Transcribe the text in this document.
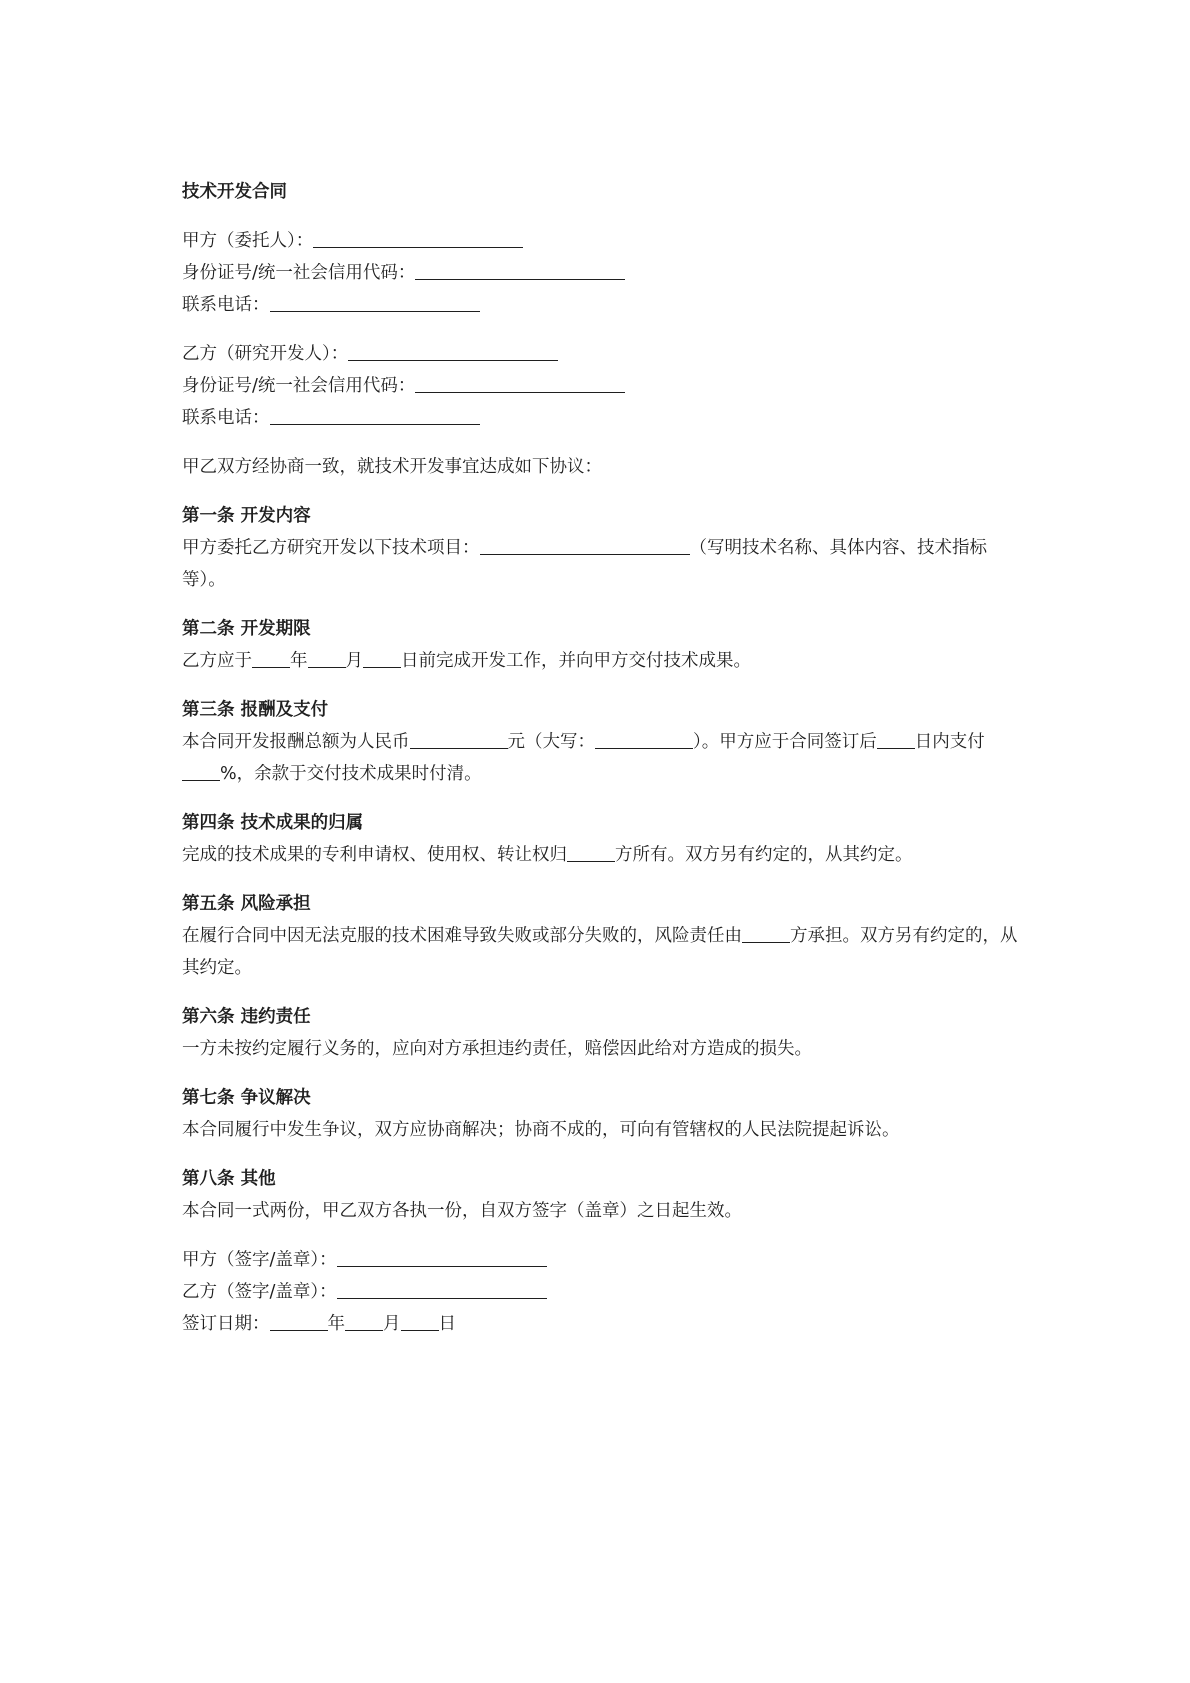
技术开发合同
甲方（委托人）：
身份证号/统一社会信用代码：
联系电话：
乙方（研究开发人）：
身份证号/统一社会信用代码：
联系电话：
甲乙双方经协商一致，就技术开发事宜达成如下协议：
第一条 开发内容
甲方委托乙方研究开发以下技术项目：	（写明技术名称、具体内容、技术指标等）。
第二条 开发期限
乙方应于 年 月 日前完成开发工作，并向甲方交付技术成果。
第三条 报酬及支付
本合同开发报酬总额为人民币	元（大写：	）。甲方应于合同签订后 日内支付%，余款于交付技术成果时付清。
第四条 技术成果的归属
完成的技术成果的专利申请权、使用权、转让权归	方所有。双方另有约定的，从其约定。
第五条 风险承担
在履行合同中因无法克服的技术困难导致失败或部分失败的，风险责任由	方承担。双方另有约定的，从其约定。
第六条 违约责任
一方未按约定履行义务的，应向对方承担违约责任，赔偿因此给对方造成的损失。
第七条 争议解决
本合同履行中发生争议，双方应协商解决；协商不成的，可向有管辖权的人民法院提起诉讼。
第八条 其他
本合同一式两份，甲乙双方各执一份，自双方签字（盖章）之日起生效。
甲方（签字/盖章）：
乙方（签字/盖章）：
签订日期：	年 月 日
